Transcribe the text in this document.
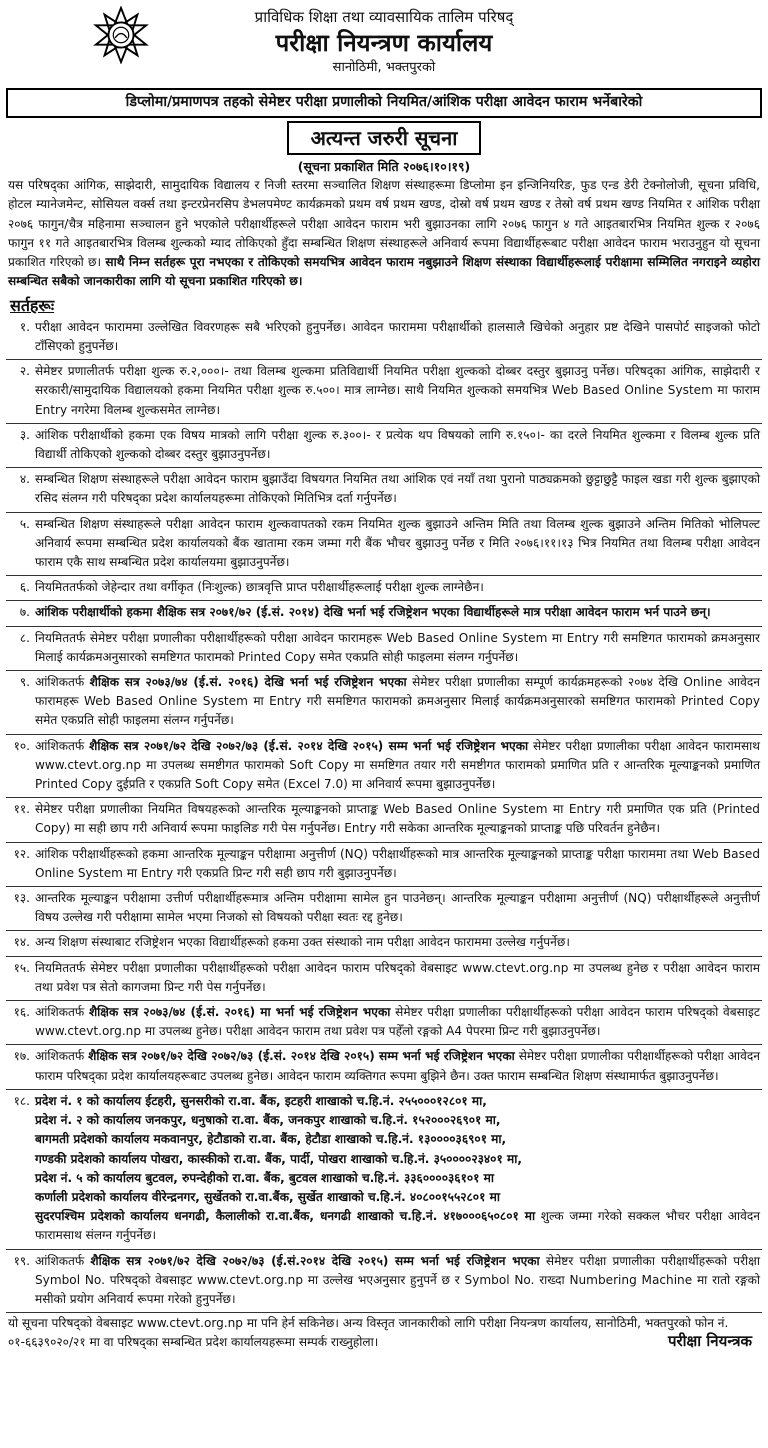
प्राविधिक शिक्षा तथा व्यावसायिक तालिम परिषद्
परीक्षा नियन्त्रण कार्यालय
सानोठिमी, भक्तपुरको
डिप्लोमा/प्रमाणपत्र तहको सेमेष्टर परीक्षा प्रणालीको नियमित/आंशिक परीक्षा आवेदन फाराम भर्नेबारेको
अत्यन्त जरुरी सूचना
(सूचना प्रकाशित मिति २०७६।१०।१९)
यस परिषद्का आंगिक, साझेदारी, सामुदायिक विद्यालय र निजी स्तरमा सञ्चालित शिक्षण संस्थाहरूमा डिप्लोमा इन इन्जिनियरिङ, फुड एन्ड डेरी टेक्नोलोजी, सूचना प्रविधि, होटल म्यानेजमेन्ट, सोसियल वर्क्स तथा इन्टरप्रेनरसिप डेभलपमेण्ट कार्यक्रमको प्रथम वर्ष प्रथम खण्ड, दोस्रो वर्ष प्रथम खण्ड र तेस्रो वर्ष प्रथम खण्ड नियमित र आंशिक परीक्षा २०७६ फागुन/चैत्र महिनामा सञ्चालन हुने भएकोले परीक्षार्थीहरूले परीक्षा आवेदन फाराम भरी बुझाउनका लागि २०७६ फागुन ४ गते आइतबारभित्र नियमित शुल्क र २०७६ फागुन ११ गते आइतबारभित्र विलम्ब शुल्कको म्याद तोकिएको हुँदा सम्बन्धित शिक्षण संस्थाहरूले अनिवार्य रूपमा विद्यार्थीहरूबाट परीक्षा आवेदन फाराम भराउनुहुन यो सूचना प्रकाशित गरिएको छ। साथै निम्न सर्तहरू पूरा नभएका र तोकिएको समयभित्र आवेदन फाराम नबुझाउने शिक्षण संस्थाका विद्यार्थीहरूलाई परीक्षामा सम्मिलित नगराइने व्यहोरा सम्बन्धित सबैको जानकारीका लागि यो सूचना प्रकाशित गरिएको छ।
सर्तहरूः
१. परीक्षा आवेदन फाराममा उल्लेखित विवरणहरू सबै भरिएको हुनुपर्नेछ। आवेदन फाराममा परीक्षार्थीको हालसालै खिचेको अनुहार प्रष्ट देखिने पासपोर्ट साइजको फोटो टाँसिएको हुनुपर्नेछ।
२. सेमेष्टर प्रणालीतर्फ परीक्षा शुल्क रु.२,०००।- तथा विलम्ब शुल्कमा प्रतिविद्यार्थी नियमित परीक्षा शुल्कको दोब्बर दस्तुर बुझाउनु पर्नेछ। परिषद्का आंगिक, साझेदारी र सरकारी/सामुदायिक विद्यालयको हकमा नियमित परीक्षा शुल्क रु.५००। मात्र लाग्नेछ। साथै नियमित शुल्कको समयभित्र Web Based Online System मा फाराम Entry नगरेमा विलम्ब शुल्कसमेत लाग्नेछ।
३. आंशिक परीक्षार्थीको हकमा एक विषय मात्रको लागि परीक्षा शुल्क रु.३००।- र प्रत्येक थप विषयको लागि रु.१५०।- का दरले नियमित शुल्कमा र विलम्ब शुल्क प्रति विद्यार्थी तोकिएको शुल्कको दोब्बर दस्तुर बुझाउनुपर्नेछ।
४. सम्बन्धित शिक्षण संस्थाहरूले परीक्षा आवेदन फाराम बुझाउँदा विषयगत नियमित तथा आंशिक एवं नयाँ तथा पुरानो पाठ्यक्रमको छुट्टाछुट्टै फाइल खडा गरी शुल्क बुझाएको रसिद संलग्न गरी परिषद्का प्रदेश कार्यालयहरूमा तोकिएको मितिभित्र दर्ता गर्नुपर्नेछ।
५. सम्बन्धित शिक्षण संस्थाहरूले परीक्षा आवेदन फाराम शुल्कवापतको रकम नियमित शुल्क बुझाउने अन्तिम मिति तथा विलम्ब शुल्क बुझाउने अन्तिम मितिको भोलिपल्ट अनिवार्य रूपमा सम्बन्धित प्रदेश कार्यालयको बैंक खातामा रकम जम्मा गरी बैंक भौचर बुझाउनु पर्नेछ र मिति २०७६।११।१३ भित्र नियमित तथा विलम्ब परीक्षा आवेदन फाराम एकै साथ सम्बन्धित प्रदेश कार्यालयमा बुझाउनुपर्नेछ।
६. नियमिततर्फको जेहेन्दार तथा वर्गीकृत (निःशुल्क) छात्रवृत्ति प्राप्त परीक्षार्थीहरूलाई परीक्षा शुल्क लाग्नेछैन।
७. आंशिक परीक्षार्थीको हकमा शैक्षिक सत्र २०७१/७२ (ई.सं. २०१४) देखि भर्ना भई रजिष्ट्रेशन भएका विद्यार्थीहरूले मात्र परीक्षा आवेदन फाराम भर्न पाउने छन्।
८. नियमिततर्फ सेमेष्टर परीक्षा प्रणालीका परीक्षार्थीहरूको परीक्षा आवेदन फारामहरू Web Based Online System मा Entry गरी समष्टिगत फारामको क्रमअनुसार मिलाई कार्यक्रमअनुसारको समष्टिगत फारामको Printed Copy समेत एकप्रति सोही फाइलमा संलग्न गर्नुपर्नेछ।
९. आंशिकतर्फ शैक्षिक सत्र २०७३/७४ (ई.सं. २०१६) देखि भर्ना भई रजिष्ट्रेशन भएका सेमेष्टर परीक्षा प्रणालीका सम्पूर्ण कार्यक्रमहरूको २०७४ देखि Online आवेदन फारामहरू Web Based Online System मा Entry गरी समष्टिगत फारामको क्रमअनुसार मिलाई कार्यक्रमअनुसारको समष्टिगत फारामको Printed Copy समेत एकप्रति सोही फाइलमा संलग्न गर्नुपर्नेछ।
१०. आंशिकतर्फ शैक्षिक सत्र २०७१/७२ देखि २०७२/७३ (ई.सं. २०१४ देखि २०१५) सम्म भर्ना भई रजिष्ट्रेशन भएका सेमेष्टर परीक्षा प्रणालीका परीक्षा आवेदन फारामसाथ www.ctevt.org.np मा उपलब्ध समष्टीगत फारामको Soft Copy मा समष्टिगत तयार गरी समष्टीगत फारामको प्रमाणित प्रति र आन्तरिक मूल्याङ्कनको प्रमाणित Printed Copy दुईप्रति र एकप्रति Soft Copy समेत (Excel 7.0) मा अनिवार्य रूपमा बुझाउनुपर्नेछ।
११. सेमेष्टर परीक्षा प्रणालीका नियमित विषयहरूको आन्तरिक मूल्याङ्कनको प्राप्ताङ्क Web Based Online System मा Entry गरी प्रमाणित एक प्रति (Printed Copy) मा सही छाप गरी अनिवार्य रूपमा फाइलिङ गरी पेस गर्नुपर्नेछ। Entry गरी सकेका आन्तरिक मूल्याङ्कनको प्राप्ताङ्क पछि परिवर्तन हुनेछैन।
१२. आंशिक परीक्षार्थीहरूको हकमा आन्तरिक मूल्याङ्कन परीक्षामा अनुत्तीर्ण (NQ) परीक्षार्थीहरूको मात्र आन्तरिक मूल्याङ्कनको प्राप्ताङ्क परीक्षा फाराममा तथा Web Based Online System मा Entry गरी एकप्रति प्रिन्ट गरी सही छाप गरी बुझाउनुपर्नेछ।
१३. आन्तरिक मूल्याङ्कन परीक्षामा उत्तीर्ण परीक्षार्थीहरूमात्र अन्तिम परीक्षामा सामेल हुन पाउनेछन्। आन्तरिक मूल्याङ्कन परीक्षामा अनुत्तीर्ण (NQ) परीक्षार्थीहरूले अनुत्तीर्ण विषय उल्लेख गरी परीक्षामा सामेल भएमा निजको सो विषयको परीक्षा स्वतः रद्द हुनेछ।
१४. अन्य शिक्षण संस्थाबाट रजिष्ट्रेशन भएका विद्यार्थीहरूको हकमा उक्त संस्थाको नाम परीक्षा आवेदन फाराममा उल्लेख गर्नुपर्नेछ।
१५. नियमिततर्फ सेमेष्टर परीक्षा प्रणालीका परीक्षार्थीहरूको परीक्षा आवेदन फाराम परिषद्को वेबसाइट www.ctevt.org.np मा उपलब्ध हुनेछ र परीक्षा आवेदन फाराम तथा प्रवेश पत्र सेतो कागजमा प्रिन्ट गरी पेस गर्नुपर्नेछ।
१६. आंशिकतर्फ शैक्षिक सत्र २०७३/७४ (ई.सं. २०१६) मा भर्ना भई रजिष्ट्रेशन भएका सेमेष्टर परीक्षा प्रणालीका परीक्षार्थीहरूको परीक्षा आवेदन फाराम परिषद्को वेबसाइट www.ctevt.org.np मा उपलब्ध हुनेछ। परीक्षा आवेदन फाराम तथा प्रवेश पत्र पहेँलो रङ्गको A4 पेपरमा प्रिन्ट गरी बुझाउनुपर्नेछ।
१७. आंशिकतर्फ शैक्षिक सत्र २०७१/७२ देखि २०७२/७३ (ई.सं. २०१४ देखि २०१५) सम्म भर्ना भई रजिष्ट्रेशन भएका सेमेष्टर परीक्षा प्रणालीका परीक्षार्थीहरूको परीक्षा आवेदन फाराम परिषद्का प्रदेश कार्यालयहरूबाट उपलब्ध हुनेछ। आवेदन फाराम व्यक्तिगत रूपमा बुझिने छैन। उक्त फाराम सम्बन्धित शिक्षण संस्थामार्फत बुझाउनुपर्नेछ।
१८. प्रदेश नं. १ को कार्यालय ईटहरी, सुनसरीको रा.वा. बैंक, इटहरी शाखाको च.हि.नं. २५५०००१२८०१ मा,
प्रदेश नं. २ को कार्यालय जनकपुर, धनुषाको रा.वा. बैंक, जनकपुर शाखाको च.हि.नं. १५२०००२६९०१ मा,
बागमती प्रदेशको कार्यालय मकवानपुर, हेटौडाको रा.वा. बैंक, हेटौडा शाखाको च.हि.नं. १३००००३६९०१ मा,
गण्डकी प्रदेशको कार्यालय पोखरा, कास्कीको रा.वा. बैंक, पार्दी, पोखरा शाखाको च.हि.नं. ३५००००२३४०१ मा,
प्रदेश नं. ५ को कार्यालय बुटवल, रुपन्देहीको रा.वा. बैंक, बुटवल शाखाको च.हि.नं. ३३६००००३६१०१ मा
कर्णाली प्रदेशको कार्यालय वीरेन्द्रनगर, सुर्खेतको रा.वा.बैंक, सुर्खेत शाखाको च.हि.नं. ४०८००१५५२८०१ मा
सुदरपश्चिम प्रदेशको कार्यालय धनगढी, कैलालीको रा.वा.बैंक, धनगढी शाखाको च.हि.नं. ४१७०००६५०८०१ मा शुल्क जम्मा गरेको सक्कल भौचर परीक्षा आवेदन फारामसाथ संलग्न गर्नुपर्नेछ।
१९. आंशिकतर्फ शैक्षिक सत्र २०७१/७२ देखि २०७२/७३ (ई.सं.२०१४ देखि २०१५) सम्म भर्ना भई रजिष्ट्रेशन भएका सेमेष्टर परीक्षा प्रणालीका परीक्षार्थीहरूको परीक्षा Symbol No. परिषद्को वेबसाइट www.ctevt.org.np मा उल्लेख भएअनुसार हुनुपर्ने छ र Symbol No. राख्दा Numbering Machine मा रातो रङ्गको मसीको प्रयोग अनिवार्य रूपमा गरेको हुनुपर्नेछ।
यो सूचना परिषद्को वेबसाइट www.ctevt.org.np मा पनि हेर्न सकिनेछ। अन्य विस्तृत जानकारीको लागि परीक्षा नियन्त्रण कार्यालय, सानोठिमी, भक्तपुरको फोन नं. ०१-६६३९०२०/२१ मा वा परिषद्का सम्बन्धित प्रदेश कार्यालयहरूमा सम्पर्क राख्नुहोला।	परीक्षा नियन्त्रक
